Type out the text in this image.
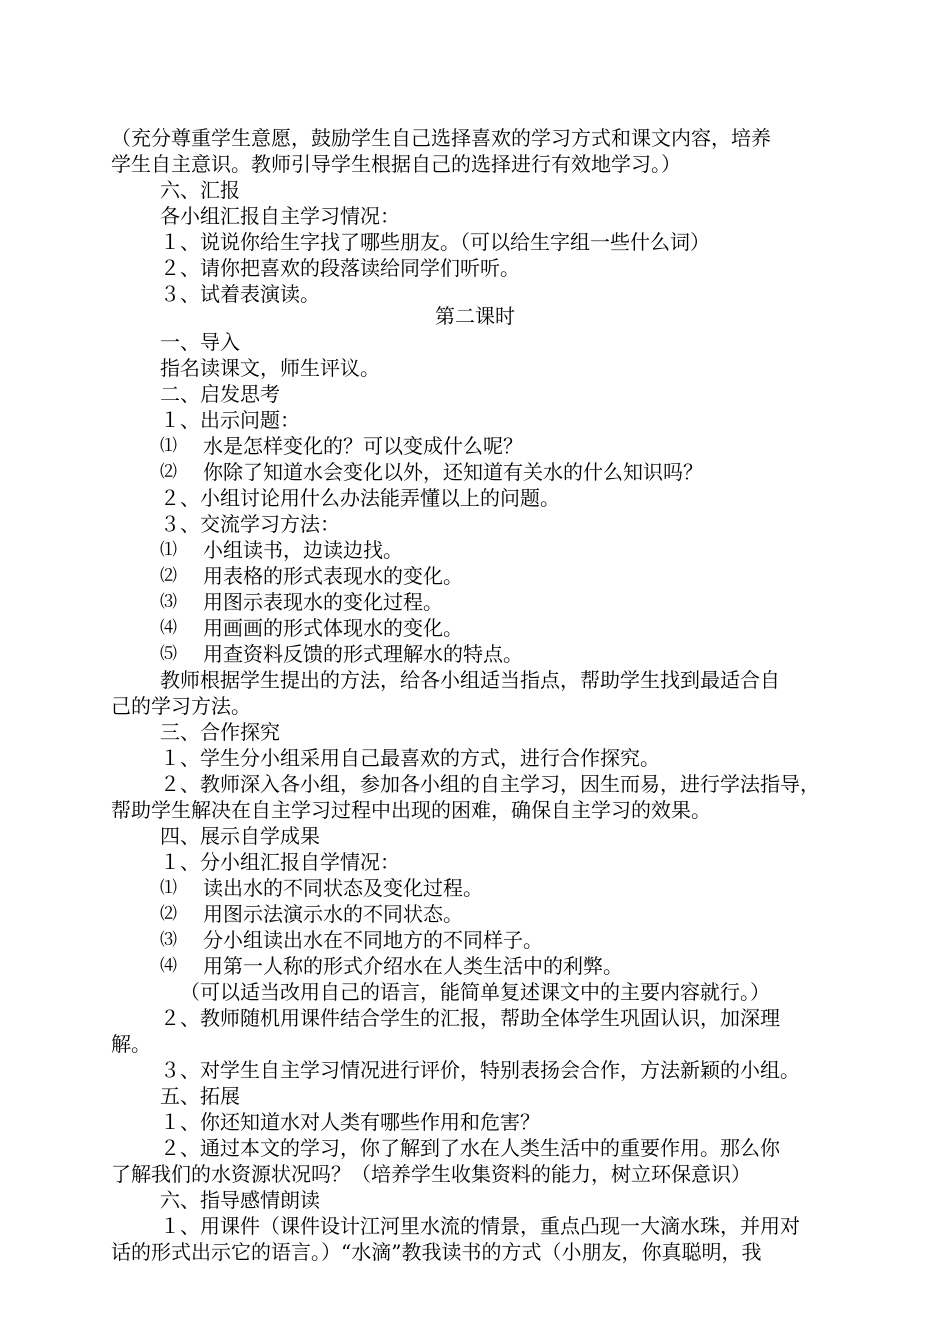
（充分尊重学生意愿，鼓励学生自己选择喜欢的学习方式和课文内容，培养
学生自主意识。教师引导学生根据自己的选择进行有效地学习。）
六、汇报
各小组汇报自主学习情况：
１、说说你给生字找了哪些朋友。（可以给生字组一些什么词）
２、请你把喜欢的段落读给同学们听听。
３、试着表演读。
第二课时
一、导入
指名读课文，师生评议。
二、启发思考
１、出示问题：
⑴ 水是怎样变化的？可以变成什么呢？
⑵ 你除了知道水会变化以外，还知道有关水的什么知识吗？
２、小组讨论用什么办法能弄懂以上的问题。
３、交流学习方法：
⑴ 小组读书，边读边找。
⑵ 用表格的形式表现水的变化。
⑶ 用图示表现水的变化过程。
⑷ 用画画的形式体现水的变化。
⑸ 用查资料反馈的形式理解水的特点。
教师根据学生提出的方法，给各小组适当指点，帮助学生找到最适合自
己的学习方法。
三、合作探究
１、学生分小组采用自己最喜欢的方式，进行合作探究。
２、教师深入各小组，参加各小组的自主学习，因生而易，进行学法指导，
帮助学生解决在自主学习过程中出现的困难，确保自主学习的效果。
四、展示自学成果
１、分小组汇报自学情况：
⑴ 读出水的不同状态及变化过程。
⑵ 用图示法演示水的不同状态。
⑶ 分小组读出水在不同地方的不同样子。
⑷ 用第一人称的形式介绍水在人类生活中的利弊。
（可以适当改用自己的语言，能简单复述课文中的主要内容就行。）
２、教师随机用课件结合学生的汇报，帮助全体学生巩固认识，加深理
解。
３、对学生自主学习情况进行评价，特别表扬会合作，方法新颖的小组。
五、拓展
１、你还知道水对人类有哪些作用和危害？
２、通过本文的学习，你了解到了水在人类生活中的重要作用。那么你
了解我们的水资源状况吗？（培养学生收集资料的能力，树立环保意识）
六、指导感情朗读
１、用课件（课件设计江河里水流的情景，重点凸现一大滴水珠，并用对
话的形式出示它的语言。）“水滴”教我读书的方式（小朋友，你真聪明，我
